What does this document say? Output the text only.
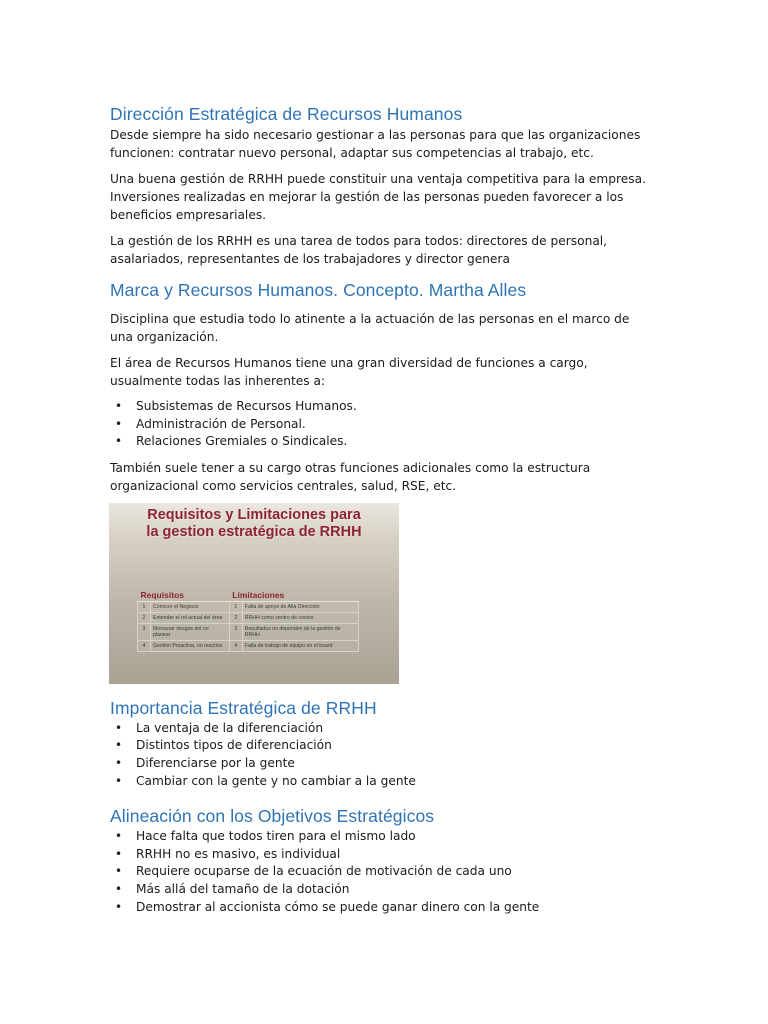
Dirección Estratégica de Recursos Humanos

Desde siempre ha sido necesario gestionar a las personas para que las organizaciones funcionen: contratar nuevo personal, adaptar sus competencias al trabajo, etc.

Una buena gestión de RRHH puede constituir una ventaja competitiva para la empresa. Inversiones realizadas en mejorar la gestión de las personas pueden favorecer a los beneficios empresariales.

La gestión de los RRHH es una tarea de todos para todos: directores de personal, asalariados, representantes de los trabajadores y director genera

Marca y Recursos Humanos. Concepto. Martha Alles

Disciplina que estudia todo lo atinente a la actuación de las personas en el marco de una organización.

El área de Recursos Humanos tiene una gran diversidad de funciones a cargo, usualmente todas las inherentes a:

• Subsistemas de Recursos Humanos.
• Administración de Personal.
• Relaciones Gremiales o Sindicales.

También suele tener a su cargo otras funciones adicionales como la estructura organizacional como servicios centrales, salud, RSE, etc.

Requisitos y Limitaciones para
la gestion estratégica de RRHH
Requisitos		Limitaciones	
1	Conocer el Negocio	1	Falta de apoyo de Alta Dirección
2	Entender el rol actual del área	2	RRHH como centro de costos
3	Mensurar riesgos del no planear	3	Resultados no dependen de la gestión de RRHH
4	Gestión Proactiva, no reactiva	4	Falta de trabajo de equipo en el board
Importancia Estratégica de RRHH
• La ventaja de la diferenciación
• Distintos tipos de diferenciación
• Diferenciarse por la gente
• Cambiar con la gente y no cambiar a la gente
Alineación con los Objetivos Estratégicos
• Hace falta que todos tiren para el mismo lado
• RRHH no es masivo, es individual
• Requiere ocuparse de la ecuación de motivación de cada uno
• Más allá del tamaño de la dotación
• Demostrar al accionista cómo se puede ganar dinero con la gente
